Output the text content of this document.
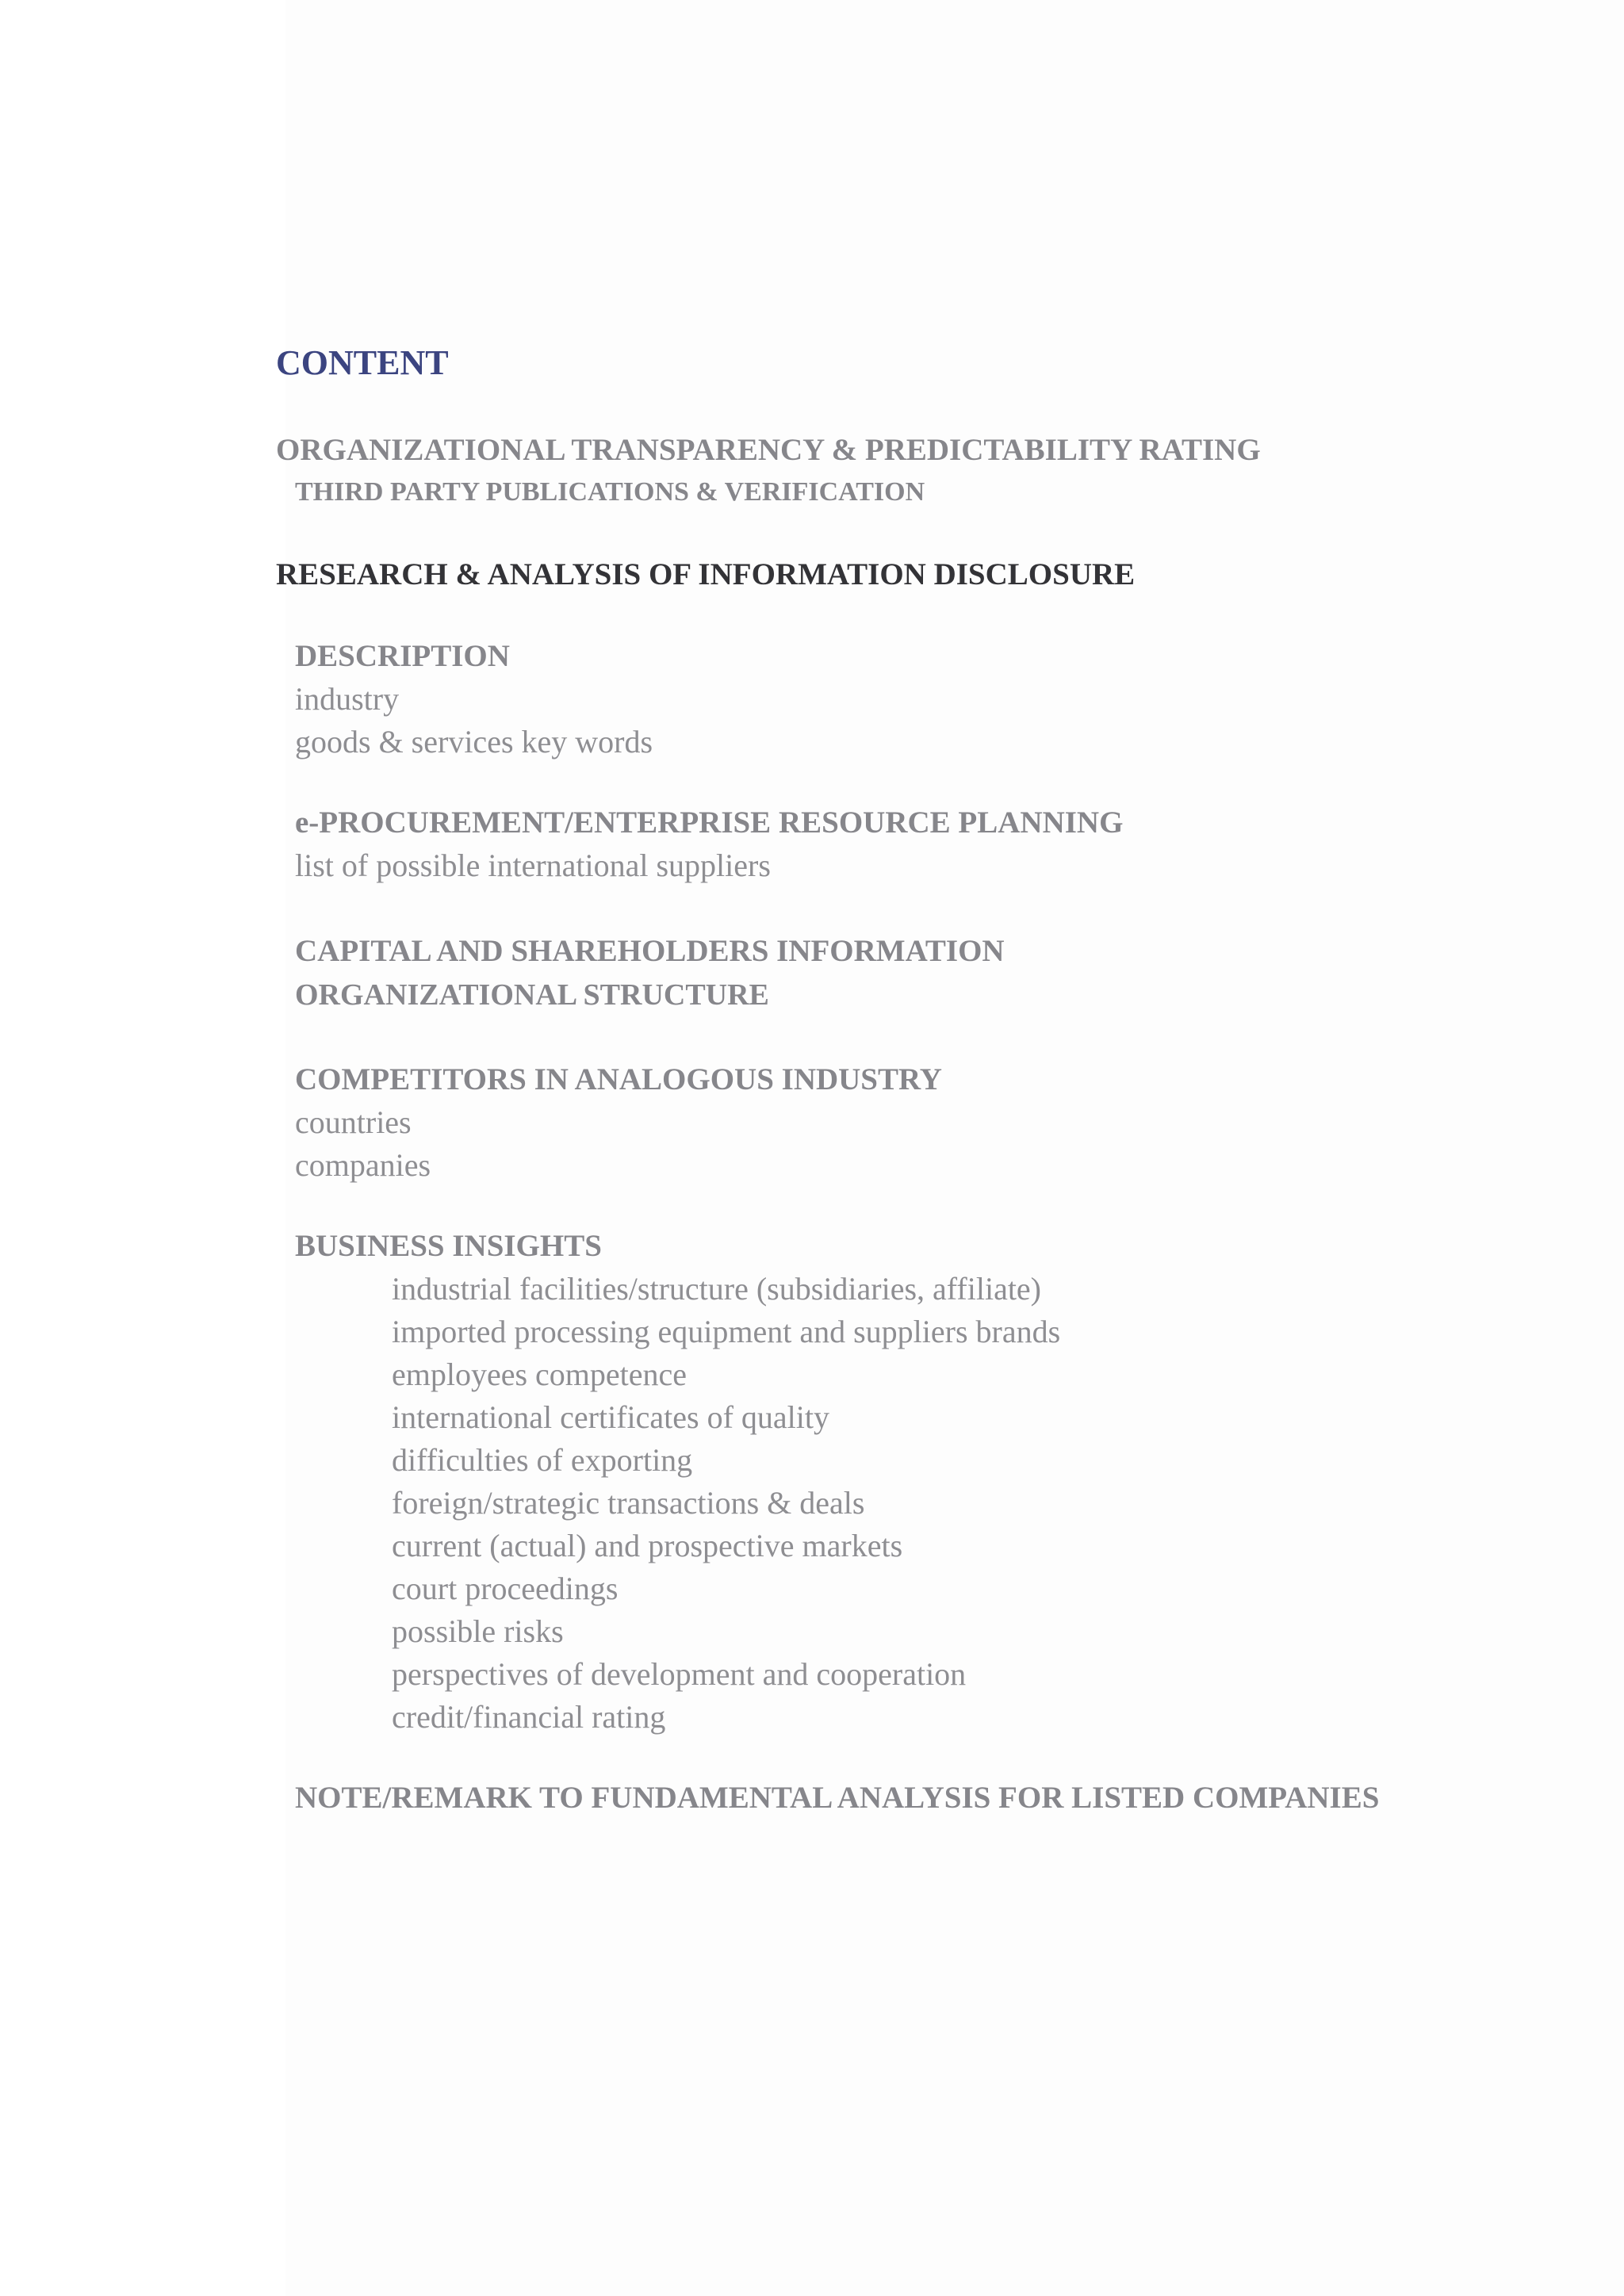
CONTENT
ORGANIZATIONAL TRANSPARENCY & PREDICTABILITY RATING
THIRD PARTY PUBLICATIONS & VERIFICATION
RESEARCH & ANALYSIS OF INFORMATION DISCLOSURE
DESCRIPTION
industry
goods & services key words
e-PROCUREMENT/ENTERPRISE RESOURCE PLANNING
list of possible international suppliers
CAPITAL AND SHAREHOLDERS INFORMATION
ORGANIZATIONAL STRUCTURE
COMPETITORS IN ANALOGOUS INDUSTRY
countries
companies
BUSINESS INSIGHTS
industrial facilities/structure (subsidiaries, affiliate)
imported processing equipment and suppliers brands
employees competence
international certificates of quality
difficulties of exporting
foreign/strategic transactions & deals
current (actual) and prospective markets
court proceedings
possible risks
perspectives of development and cooperation
credit/financial rating
NOTE/REMARK TO FUNDAMENTAL ANALYSIS FOR LISTED COMPANIES
